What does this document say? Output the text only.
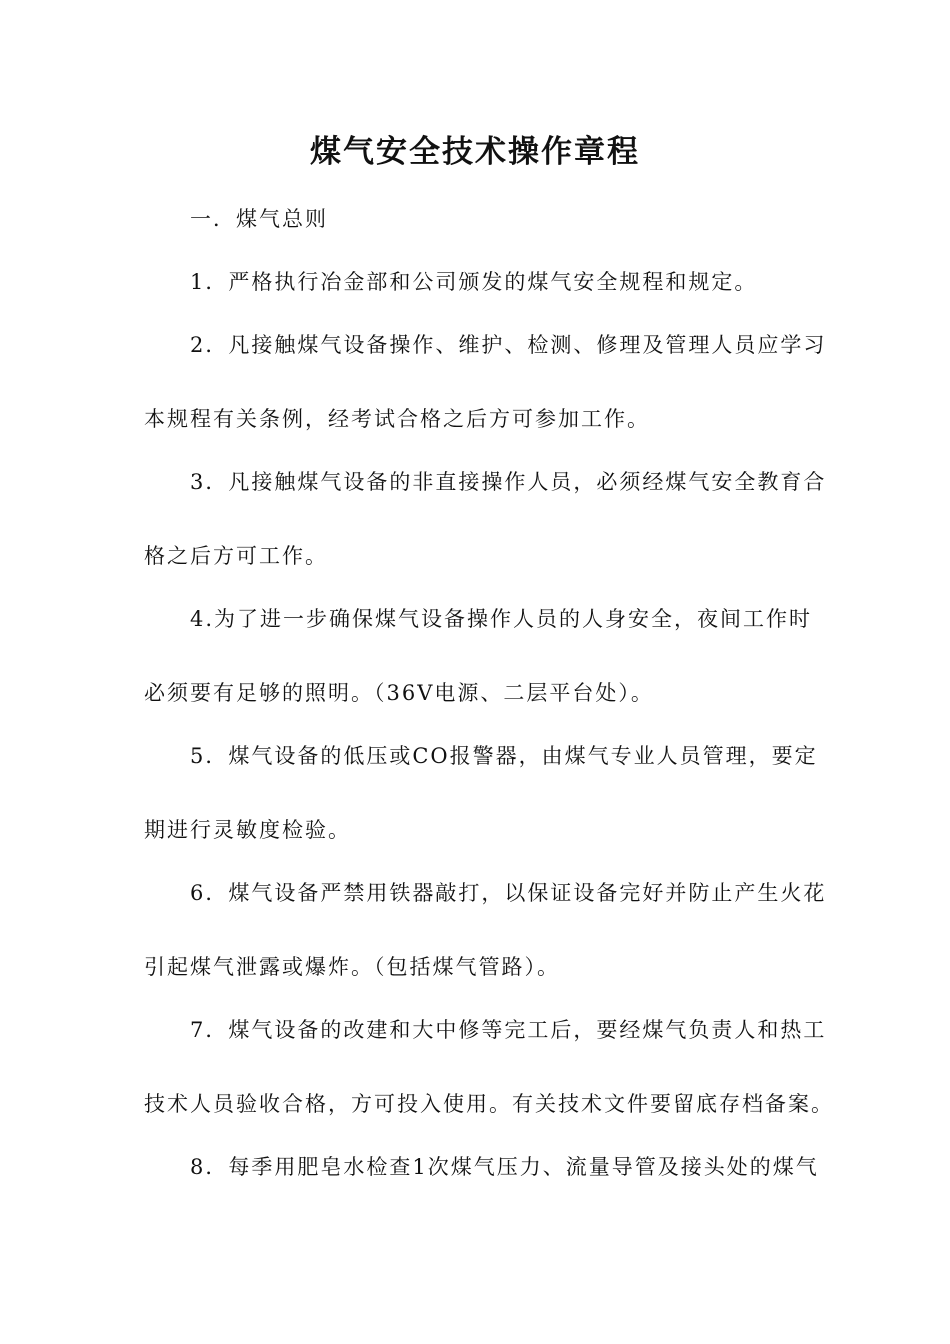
煤气安全技术操作章程
一．煤气总则
1．严格执行冶金部和公司颁发的煤气安全规程和规定。
2．凡接触煤气设备操作、维护、检测、修理及管理人员应学习
本规程有关条例，经考试合格之后方可参加工作。
3．凡接触煤气设备的非直接操作人员，必须经煤气安全教育合
格之后方可工作。
4.为了进一步确保煤气设备操作人员的人身安全，夜间工作时
必须要有足够的照明。（36V电源、二层平台处）。
5．煤气设备的低压或CO报警器，由煤气专业人员管理，要定
期进行灵敏度检验。
6．煤气设备严禁用铁器敲打，以保证设备完好并防止产生火花
引起煤气泄露或爆炸。（包括煤气管路）。
7．煤气设备的改建和大中修等完工后，要经煤气负责人和热工
技术人员验收合格，方可投入使用。有关技术文件要留底存档备案。
8．每季用肥皂水检查1次煤气压力、流量导管及接头处的煤气
